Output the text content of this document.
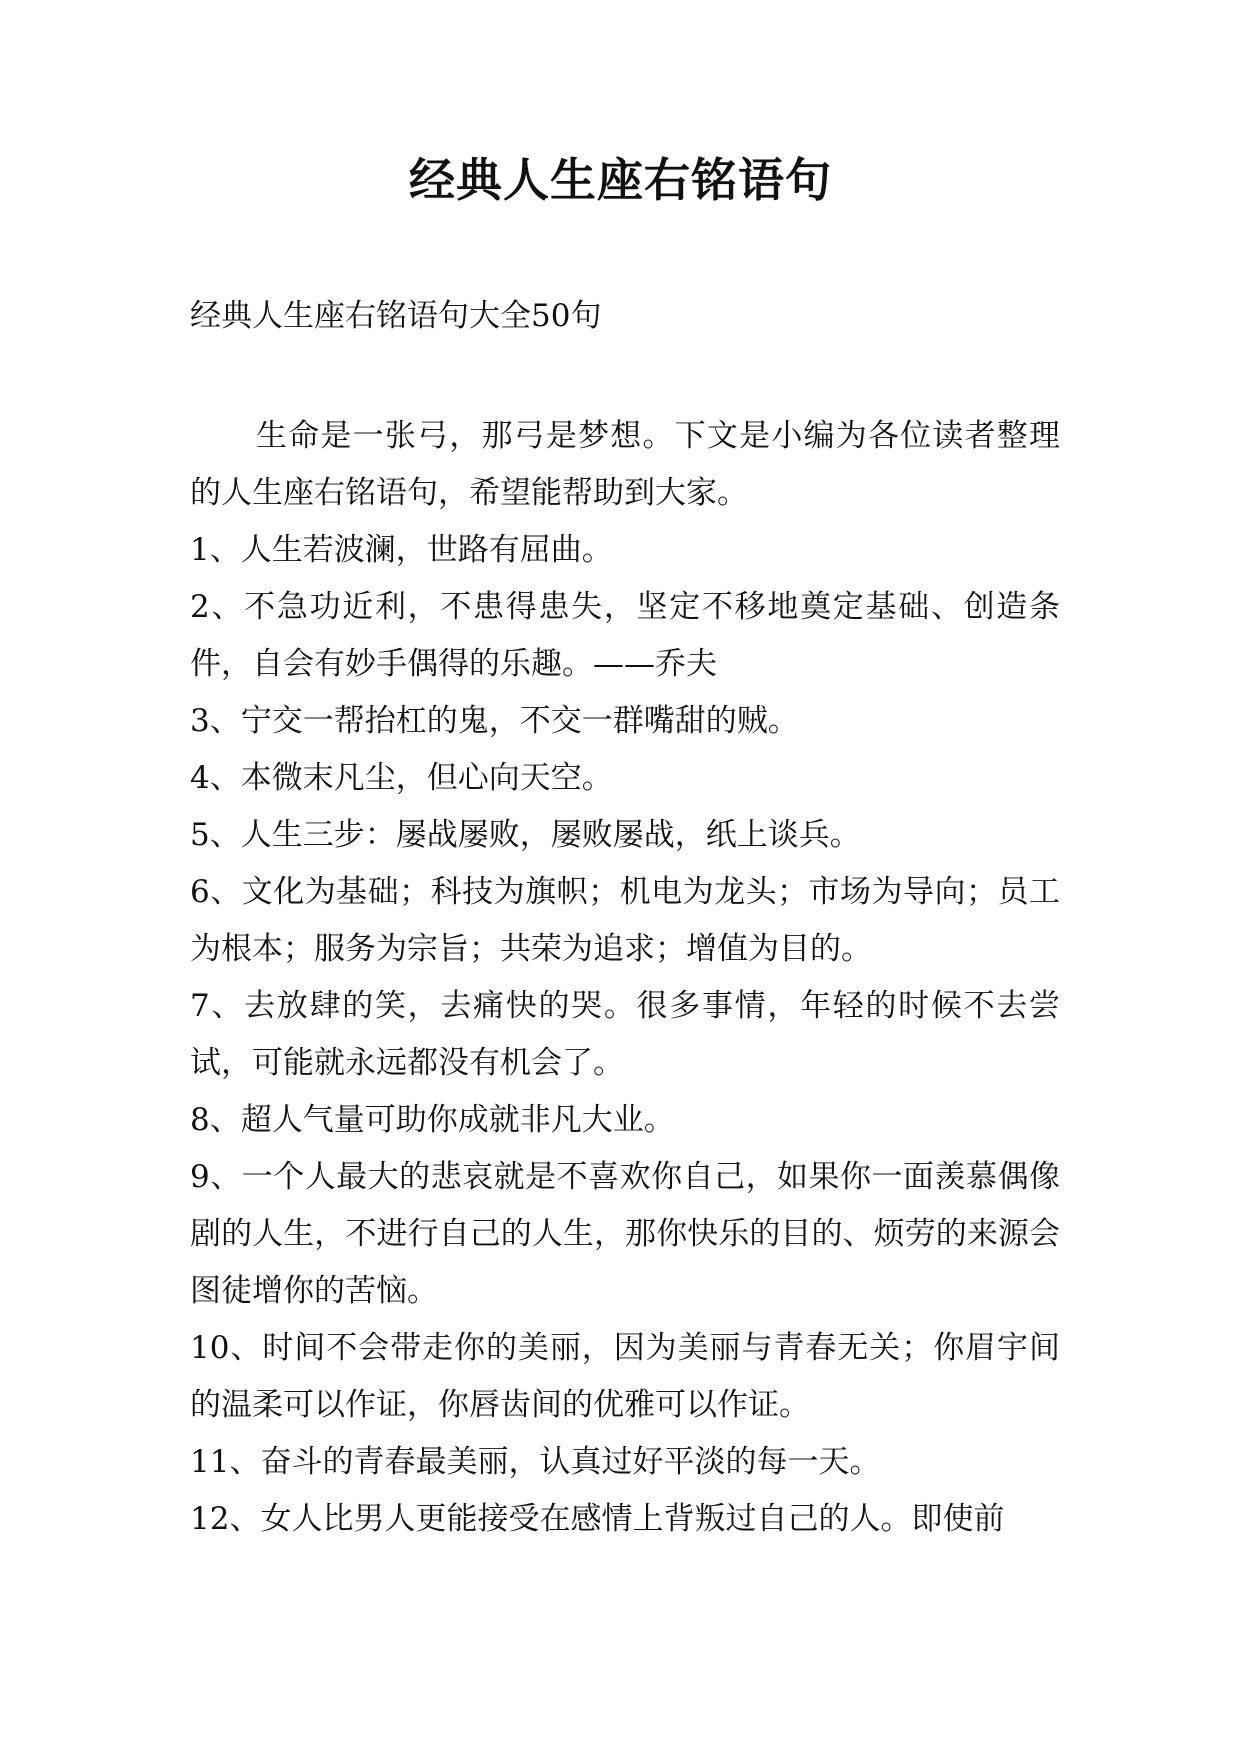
经典人生座右铭语句
经典人生座右铭语句大全50句

生命是一张弓，那弓是梦想。下文是小编为各位读者整理的人生座右铭语句，希望能帮助到大家。

1、人生若波澜，世路有屈曲。

2、不急功近利，不患得患失，坚定不移地奠定基础、创造条件，自会有妙手偶得的乐趣。——乔夫

3、宁交一帮抬杠的鬼，不交一群嘴甜的贼。

4、本微末凡尘，但心向天空。

5、人生三步：屡战屡败，屡败屡战，纸上谈兵。

6、文化为基础；科技为旗帜；机电为龙头；市场为导向；员工为根本；服务为宗旨；共荣为追求；增值为目的。

7、去放肆的笑，去痛快的哭。很多事情，年轻的时候不去尝试，可能就永远都没有机会了。

8、超人气量可助你成就非凡大业。

9、一个人最大的悲哀就是不喜欢你自己，如果你一面羡慕偶像剧的人生，不进行自己的人生，那你快乐的目的、烦劳的来源会图徒增你的苦恼。

10、时间不会带走你的美丽，因为美丽与青春无关；你眉宇间的温柔可以作证，你唇齿间的优雅可以作证。

11、奋斗的青春最美丽，认真过好平淡的每一天。

12、女人比男人更能接受在感情上背叛过自己的人。即使前
